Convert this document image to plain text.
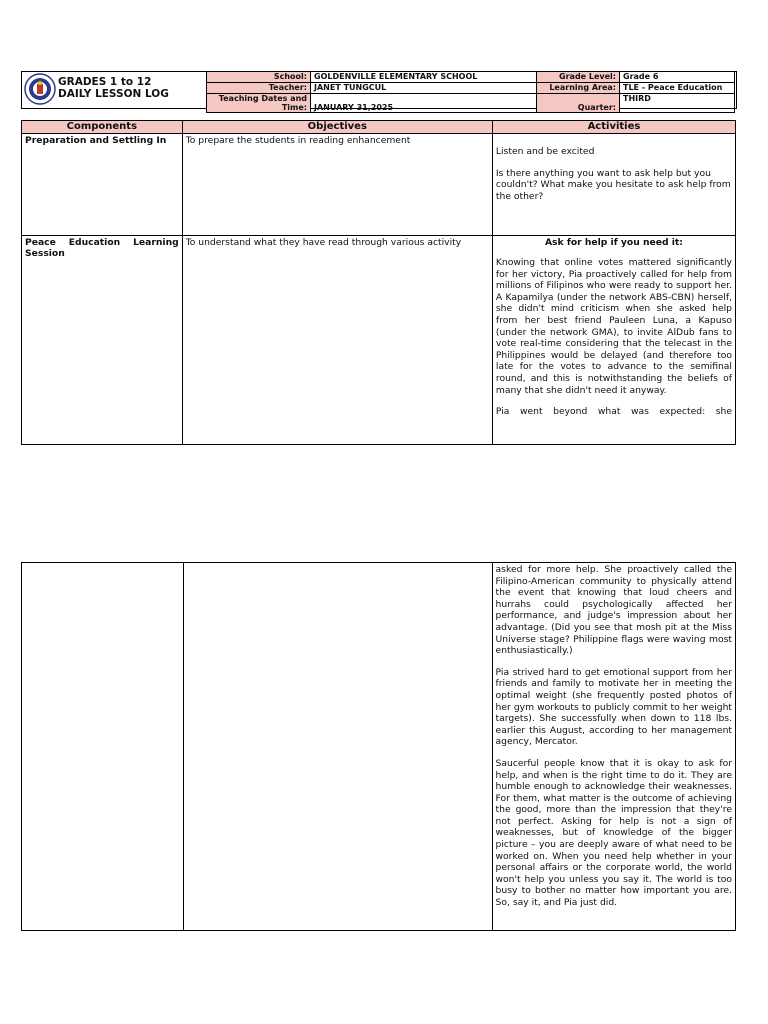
GRADES 1 to 12
DAILY LESSON LOG
School:	GOLDENVILLE ELEMENTARY SCHOOL	Grade Level:	Grade 6
Teacher:	JANET TUNGCUL	Learning Area:	TLE - Peace Education

Teaching Dates and
Time:	JANUARY 31,2025	Quarter:	THIRD

Components	Objectives	Activities
Preparation and Settling In	To prepare the students in reading enhancement	Listen and be excited

Is there anything you want to ask help but you couldn't? What make you hesitate to ask help from the other?

Peace Education Learning Session	To understand what they have read through various activity	Ask for help if you need it:

Knowing that online votes mattered significantly for her victory, Pia proactively called for help from millions of Filipinos who were ready to support her. A Kapamilya (under the network ABS-CBN) herself, she didn't mind criticism when she asked help from her best friend Pauleen Luna, a Kapuso (under the network GMA), to invite AlDub fans to vote real-time considering that the telecast in the Philippines would be delayed (and therefore too late for the votes to advance to the semifinal round, and this is notwithstanding the beliefs of many that she didn't need it anyway.

Pia went beyond what was expected: she

asked for more help. She proactively called the Filipino-American community to physically attend the event that knowing that loud cheers and hurrahs could psychologically affected her performance, and judge's impression about her advantage. (Did you see that mosh pit at the Miss Universe stage? Philippine flags were waving most enthusiastically.)

Pia strived hard to get emotional support from her friends and family to motivate her in meeting the optimal weight (she frequently posted photos of her gym workouts to publicly commit to her weight targets). She successfully when down to 118 lbs. earlier this August, according to her management agency, Mercator.

Saucerful people know that it is okay to ask for help, and when is the right time to do it. They are humble enough to acknowledge their weaknesses. For them, what matter is the outcome of achieving the good, more than the impression that they're not perfect. Asking for help is not a sign of weaknesses, but of knowledge of the bigger picture – you are deeply aware of what need to be worked on. When you need help whether in your personal affairs or the corporate world, the world won't help you unless you say it. The world is too busy to bother no matter how important you are. So, say it, and Pia just did.
